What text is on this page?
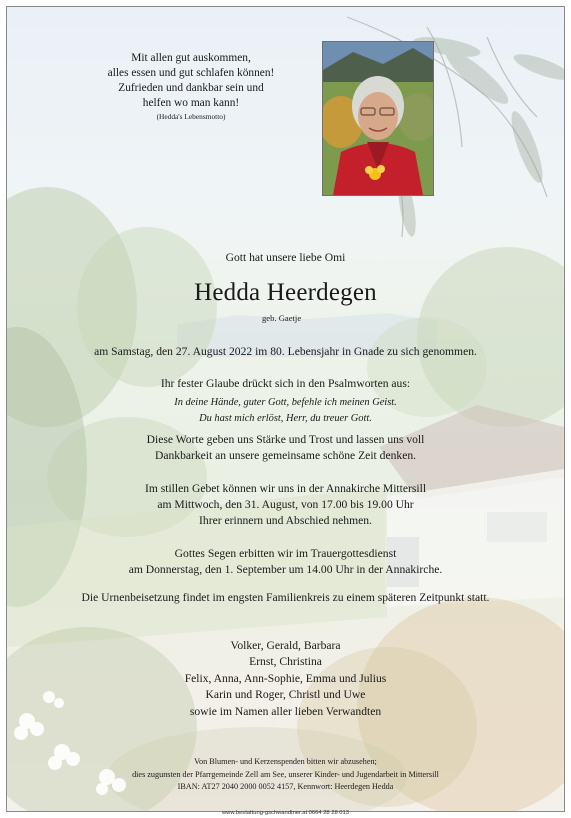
Mit allen gut auskommen,
alles essen und gut schlafen können!
Zufrieden und dankbar sein und
helfen wo man kann!
(Hedda's Lebensmotto)
Gott hat unsere liebe Omi
Hedda Heerdegen
geb. Gaetje
am Samstag, den 27. August 2022 im 80. Lebensjahr in Gnade zu sich genommen.
Ihr fester Glaube drückt sich in den Psalmworten aus:
In deine Hände, guter Gott, befehle ich meinen Geist.
Du hast mich erlöst, Herr, du treuer Gott.
Diese Worte geben uns Stärke und Trost und lassen uns voll
Dankbarkeit an unsere gemeinsame schöne Zeit denken.
Im stillen Gebet können wir uns in der Annakirche Mittersill
am Mittwoch, den 31. August, von 17.00 bis 19.00 Uhr
Ihrer erinnern und Abschied nehmen.
Gottes Segen erbitten wir im Trauergottesdienst
am Donnerstag, den 1. September um 14.00 Uhr in der Annakirche.
Die Urnenbeisetzung findet im engsten Familienkreis zu einem späteren Zeitpunkt statt.
Volker, Gerald, Barbara
Ernst, Christina
Felix, Anna, Ann-Sophie, Emma und Julius
Karin und Roger, Christl und Uwe
sowie im Namen aller lieben Verwandten
Von Blumen- und Kerzenspenden bitten wir abzusehen;
dies zugunsten der Pfarrgemeinde Zell am See, unserer Kinder- und Jugendarbeit in Mittersill
IBAN: AT27 2040 2000 0052 4157, Kennwort: Heerdegen Hedda
www.bestattung-gschwandtner.at 0664 28 28 013
